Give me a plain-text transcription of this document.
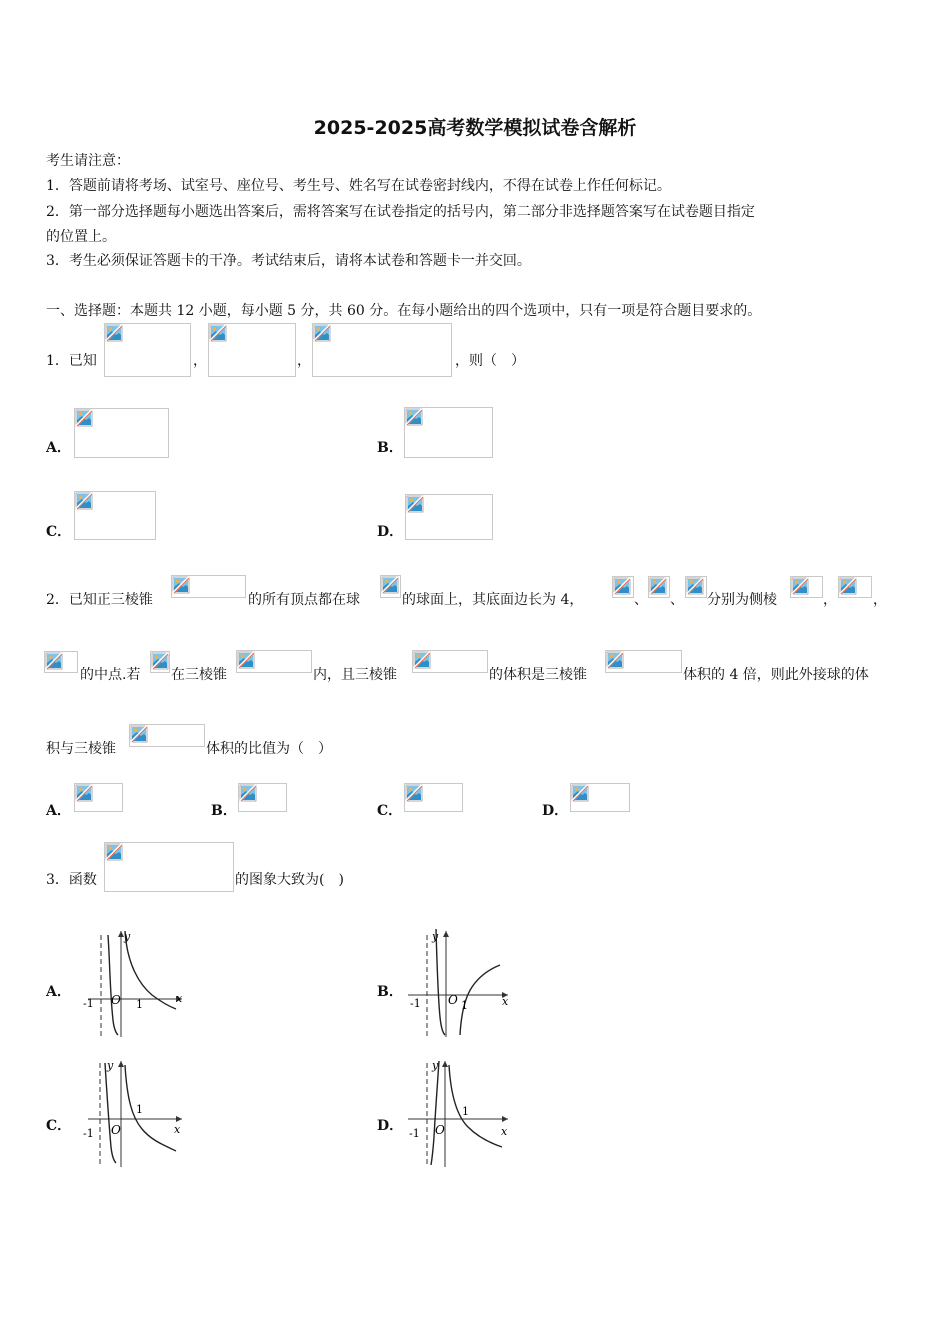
2025-2025高考数学模拟试卷含解析
考生请注意：
1．答题前请将考场、试室号、座位号、考生号、姓名写在试卷密封线内，不得在试卷上作任何标记。
2．第一部分选择题每小题选出答案后，需将答案写在试卷指定的括号内，第二部分非选择题答案写在试卷题目指定
的位置上。
3．考生必须保证答题卡的干净。考试结束后，请将本试卷和答题卡一并交回。
一、选择题：本题共 12 小题，每小题 5 分，共 60 分。在每小题给出的四个选项中，只有一项是符合题目要求的。
1．已知	，	，	，则（　）
A．	B．
C．	D．
2．已知正三棱锥	的所有顶点都在球	的球面上，其底面边长为 4，	、 、 分别为侧棱	，	，
的中点.若 在三棱锥	内，且三棱锥	的体积是三棱锥	体积的 4 倍，则此外接球的体
积与三棱锥	体积的比值为（　）
A．	B．	C．	D．
3．函数	的图象大致为(　)
A．	B．
C．	D．
y
x
O
-1	1
y
x
O
-1	1
y
x
O
-1
1
y
x
O
-1
1
